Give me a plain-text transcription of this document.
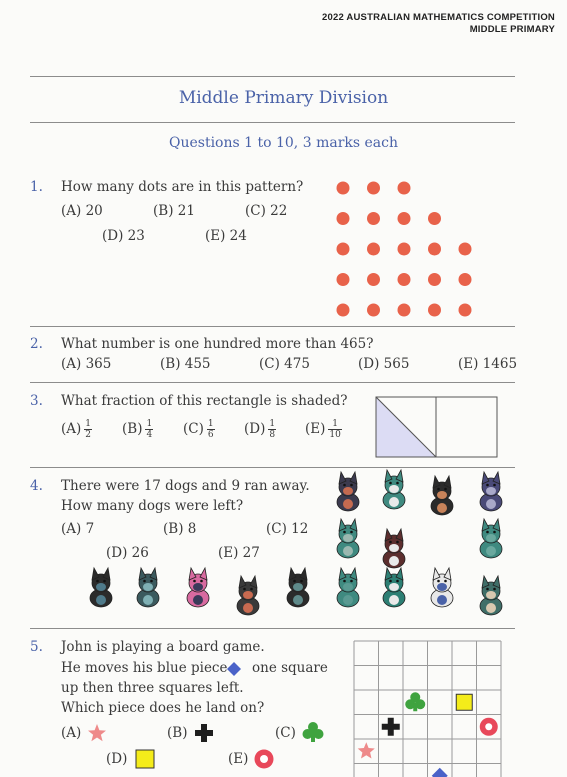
2022 AUSTRALIAN MATHEMATICS COMPETITION
MIDDLE PRIMARY
Middle Primary Division
Questions 1 to 10, 3 marks each
1. How many dots are in this pattern?
(A) 20	(B) 21	(C) 22
(D) 23	(E) 24
2. What number is one hundred more than 465?
(A) 365	(B) 455	(C) 475	(D) 565	(E) 1465
3. What fraction of this rectangle is shaded?
$(A) \frac{1}{2} (B) \frac{1}{4} (C) \frac{1}{6} (D) \frac{1}{8} (E) \frac{1}{10}$
4. There were 17 dogs and 9 ran away.
How many dogs were left?
(A) 7	(B) 8	(C) 12
(D) 26	(E) 27
5. John is playing a board game.
He moves his blue piece one square
up then three squares left.
Which piece does he land on?
(A)	(B)	(C)
(D)	(E)
